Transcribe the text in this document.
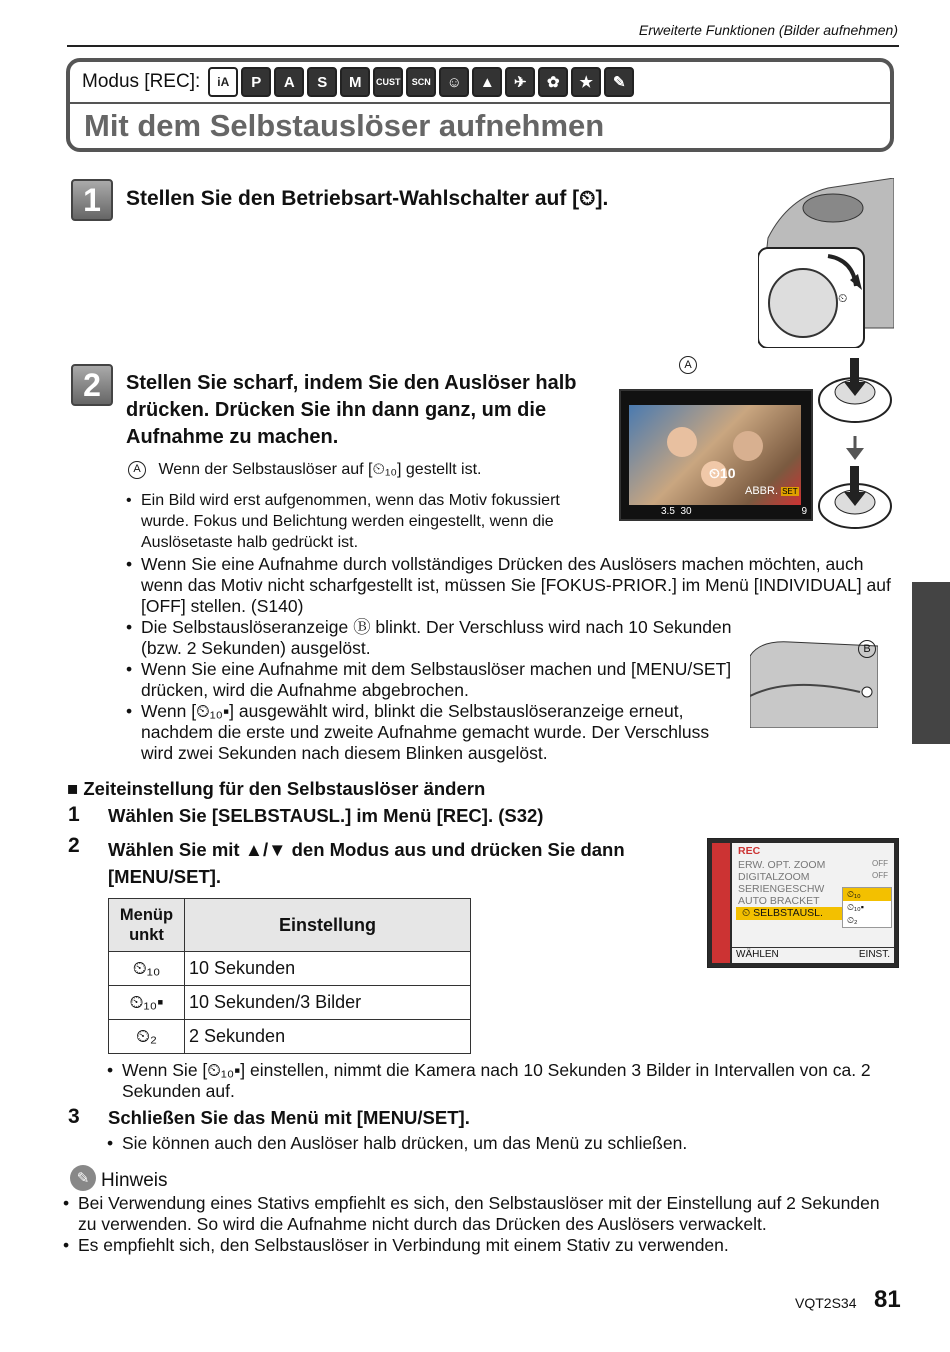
Erweiterte Funktionen (Bilder aufnehmen)
Modus [REC]:	iA	P	A	S	M	CUST	SCN	☺	▲	✈	✿	★	✎
Mit dem Selbstauslöser aufnehmen
1	Stellen Sie den Betriebsart-Wahlschalter auf [⏲].
⏲
2	Stellen Sie scharf, indem Sie den Auslöser halb drücken. Drücken Sie ihn dann ganz, um die Aufnahme zu machen.
A Wenn der Selbstauslöser auf [⏲₁₀] gestellt ist.
• Ein Bild wird erst aufgenommen, wenn das Motiv fokussiert wurde. Fokus und Belichtung werden eingestellt, wenn die Auslösetaste halb gedrückt ist.
• Wenn Sie eine Aufnahme durch vollständiges Drücken des Auslösers machen möchten, auch wenn das Motiv nicht scharfgestellt ist, müssen Sie [FOKUS-PRIOR.] im Menü [INDIVIDUAL] auf [OFF] stellen. (S140)
• Die Selbstauslöseranzeige Ⓑ blinkt. Der Verschluss wird nach 10 Sekunden (bzw. 2 Sekunden) ausgelöst.
• Wenn Sie eine Aufnahme mit dem Selbstauslöser machen und [MENU/SET] drücken, wird die Aufnahme abgebrochen.
• Wenn [⏲₁₀▪] ausgewählt wird, blinkt die Selbstauslöseranzeige erneut, nachdem die erste und zweite Aufnahme gemacht wurde. Der Verschluss wird zwei Sekunden nach diesem Blinken ausgelöst.
A
⏲10
ABBR. SET
3.5 30	9
B
■ Zeiteinstellung für den Selbstauslöser ändern
1 Wählen Sie [SELBSTAUSL.] im Menü [REC]. (S32)
2 Wählen Sie mit ▲/▼ den Modus aus und drücken Sie dann [MENU/SET].
REC
ERW. OPT. ZOOM	OFF
DIGITALZOOM	OFF
SERIENGESCHW
AUTO BRACKET
⏲ SELBSTAUSL.
⏲₁₀
⏲₁₀▪
⏲₂
WÄHLEN	EINST.
Menüp unkt	Einstellung
⏲₁₀	10 Sekunden
⏲₁₀▪	10 Sekunden/3 Bilder
⏲₂	2 Sekunden
• Wenn Sie [⏲₁₀▪] einstellen, nimmt die Kamera nach 10 Sekunden 3 Bilder in Intervallen von ca. 2 Sekunden auf.
3 Schließen Sie das Menü mit [MENU/SET].
• Sie können auch den Auslöser halb drücken, um das Menü zu schließen.
✎ Hinweis
• Bei Verwendung eines Stativs empfiehlt es sich, den Selbstauslöser mit der Einstellung auf 2 Sekunden zu verwenden. So wird die Aufnahme nicht durch das Drücken des Auslösers verwackelt.
• Es empfiehlt sich, den Selbstauslöser in Verbindung mit einem Stativ zu verwenden.
VQT2S34 81
